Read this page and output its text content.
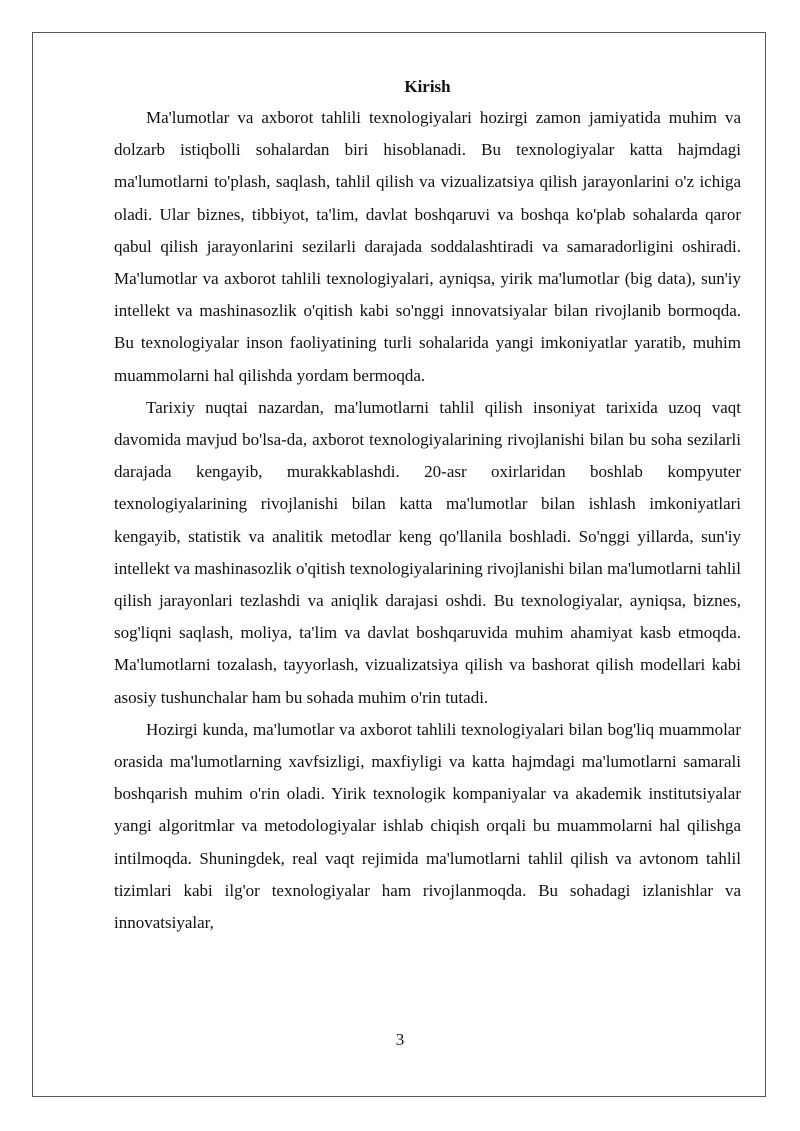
Kirish

Ma'lumotlar va axborot tahlili texnologiyalari hozirgi zamon jamiyatida muhim va dolzarb istiqbolli sohalardan biri hisoblanadi. Bu texnologiyalar katta hajmdagi ma'lumotlarni to'plash, saqlash, tahlil qilish va vizualizatsiya qilish jarayonlarini o'z ichiga oladi. Ular biznes, tibbiyot, ta'lim, davlat boshqaruvi va boshqa ko'plab sohalarda qaror qabul qilish jarayonlarini sezilarli darajada soddalashtiradi va samaradorligini oshiradi. Ma'lumotlar va axborot tahlili texnologiyalari, ayniqsa, yirik ma'lumotlar (big data), sun'iy intellekt va mashinasozlik o'qitish kabi so'nggi innovatsiyalar bilan rivojlanib bormoqda. Bu texnologiyalar inson faoliyatining turli sohalarida yangi imkoniyatlar yaratib, muhim muammolarni hal qilishda yordam bermoqda.

Tarixiy nuqtai nazardan, ma'lumotlarni tahlil qilish insoniyat tarixida uzoq vaqt davomida mavjud bo'lsa-da, axborot texnologiyalarining rivojlanishi bilan bu soha sezilarli darajada kengayib, murakkablashdi. 20-asr oxirlaridan boshlab kompyuter texnologiyalarining rivojlanishi bilan katta ma'lumotlar bilan ishlash imkoniyatlari kengayib, statistik va analitik metodlar keng qo'llanila boshladi. So'nggi yillarda, sun'iy intellekt va mashinasozlik o'qitish texnologiyalarining rivojlanishi bilan ma'lumotlarni tahlil qilish jarayonlari tezlashdi va aniqlik darajasi oshdi. Bu texnologiyalar, ayniqsa, biznes, sog'liqni saqlash, moliya, ta'lim va davlat boshqaruvida muhim ahamiyat kasb etmoqda. Ma'lumotlarni tozalash, tayyorlash, vizualizatsiya qilish va bashorat qilish modellari kabi asosiy tushunchalar ham bu sohada muhim o'rin tutadi.

Hozirgi kunda, ma'lumotlar va axborot tahlili texnologiyalari bilan bog'liq muammolar orasida ma'lumotlarning xavfsizligi, maxfiyligi va katta hajmdagi ma'lumotlarni samarali boshqarish muhim o'rin oladi. Yirik texnologik kompaniyalar va akademik institutsiyalar yangi algoritmlar va metodologiyalar ishlab chiqish orqali bu muammolarni hal qilishga intilmoqda. Shuningdek, real vaqt rejimida ma'lumotlarni tahlil qilish va avtonom tahlil tizimlari kabi ilg'or texnologiyalar ham rivojlanmoqda. Bu sohadagi izlanishlar va innovatsiyalar,

3
